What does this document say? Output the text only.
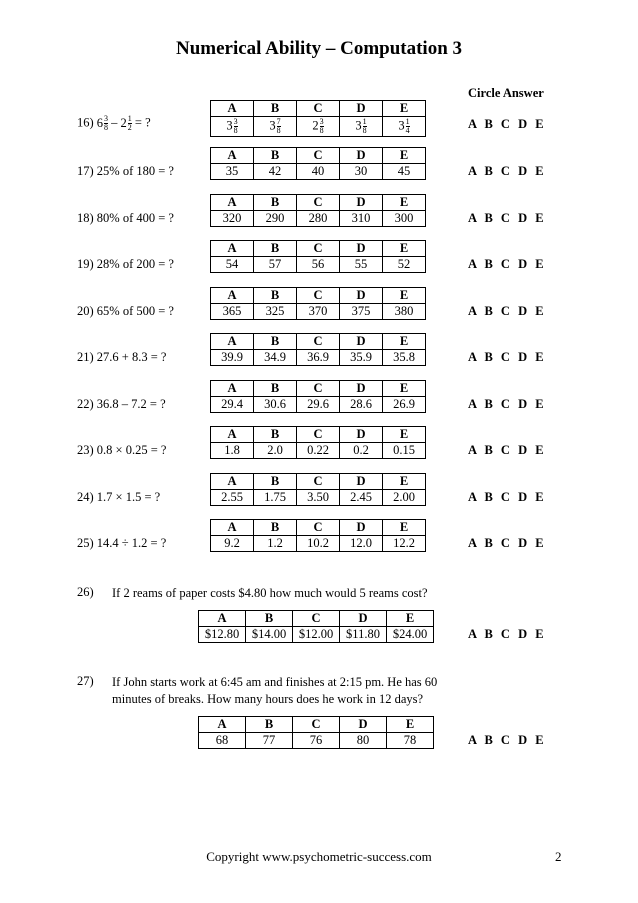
Numerical Ability – Computation 3
Circle Answer
16) $6 \frac{3}{8} - 2 \frac{1}{2}$ = ?
A	B	C	D	E
$3 \frac{3}{8}$	$3 \frac{7}{8}$	$2 \frac{3}{8}$	$3 \frac{1}{8}$	$3 \frac{1}{4}$	A B C D E
17) 25% of 180 = ?
A	B	C	D	E
35	42	40	30	45	A B C D E
18) 80% of 400 = ?
A	B	C	D	E
320	290	280	310	300	A B C D E
19) 28% of 200 = ?
A	B	C	D	E
54	57	56	55	52	A B C D E
20) 65% of 500 = ?
A	B	C	D	E
365	325	370	375	380	A B C D E
21) 27.6 + 8.3 = ?
A	B	C	D	E
39.9	34.9	36.9	35.9	35.8	A B C D E
22) 36.8 – 7.2 = ?
A	B	C	D	E
29.4	30.6	29.6	28.6	26.9	A B C D E
23) 0.8 × 0.25 = ?
A	B	C	D	E
1.8	2.0	0.22	0.2	0.15	A B C D E
24) 1.7 × 1.5 = ?
A	B	C	D	E
2.55	1.75	3.50	2.45	2.00	A B C D E
25) 14.4 ÷ 1.2 = ?
A	B	C	D	E
9.2	1.2	10.2	12.0	12.2	A B C D E
26) If 2 reams of paper costs $4.80 how much would 5 reams cost?
A	B	C	D	E
$12.80	$14.00	$12.00	$11.80	$24.00	A B C D E
27) If John starts work at 6:45 am and finishes at 2:15 pm. He has 60 minutes of breaks. How many hours does he work in 12 days?
A	B	C	D	E
68	77	76	80	78	A B C D E
Copyright www.psychometric-success.com	2
